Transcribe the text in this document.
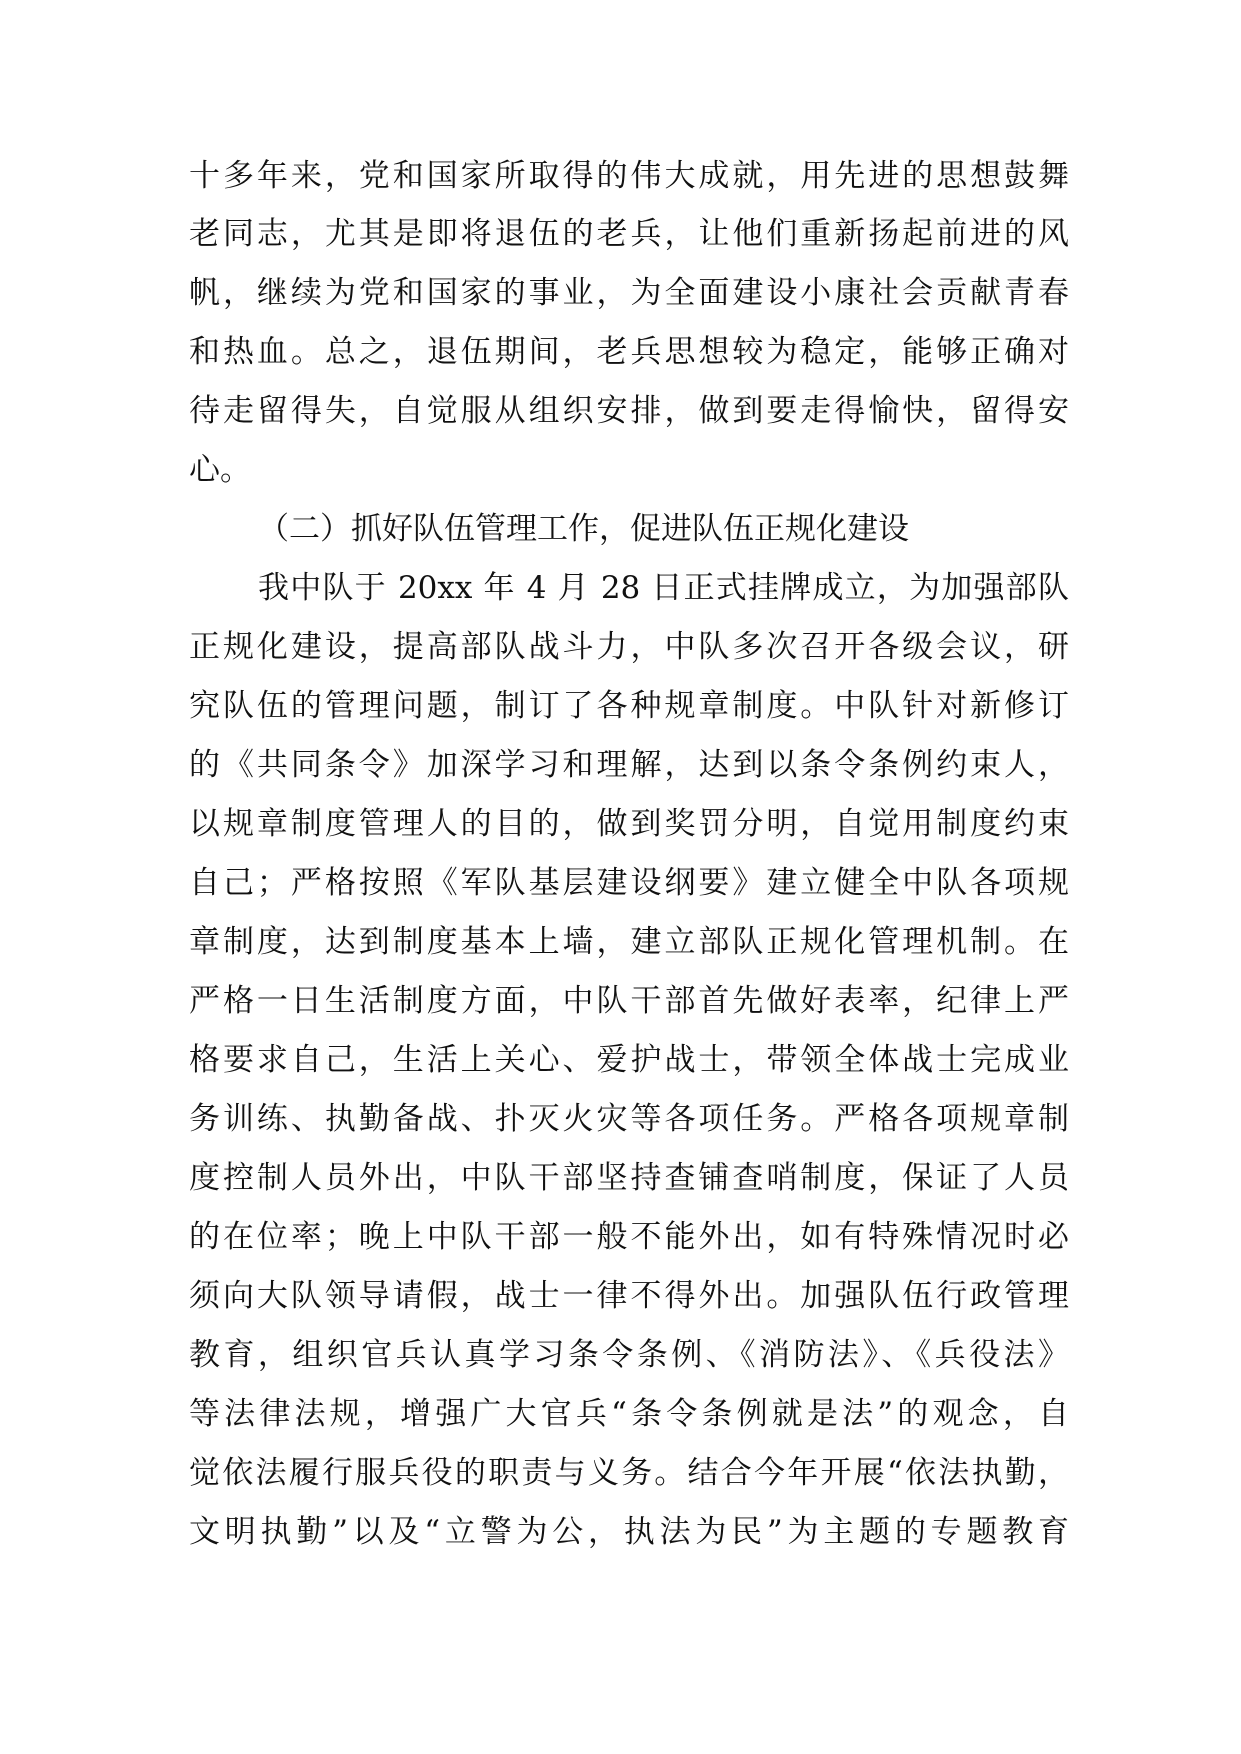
十多年来，党和国家所取得的伟大成就，用先进的思想鼓舞
老同志，尤其是即将退伍的老兵，让他们重新扬起前进的风
帆，继续为党和国家的事业，为全面建设小康社会贡献青春
和热血。总之，退伍期间，老兵思想较为稳定，能够正确对
待走留得失，自觉服从组织安排，做到要走得愉快，留得安
心。
（二）抓好队伍管理工作，促进队伍正规化建设
我中队于 20xx 年 4 月 28 日正式挂牌成立，为加强部队
正规化建设，提高部队战斗力，中队多次召开各级会议，研
究队伍的管理问题，制订了各种规章制度。中队针对新修订
的《共同条令》加深学习和理解，达到以条令条例约束人，
以规章制度管理人的目的，做到奖罚分明，自觉用制度约束
自己；严格按照《军队基层建设纲要》建立健全中队各项规
章制度，达到制度基本上墙，建立部队正规化管理机制。在
严格一日生活制度方面，中队干部首先做好表率，纪律上严
格要求自己，生活上关心、爱护战士，带领全体战士完成业
务训练、执勤备战、扑灭火灾等各项任务。严格各项规章制
度控制人员外出，中队干部坚持查铺查哨制度，保证了人员
的在位率；晚上中队干部一般不能外出，如有特殊情况时必
须向大队领导请假，战士一律不得外出。加强队伍行政管理
教育，组织官兵认真学习条令条例、《消防法》、《兵役法》
等法律法规，增强广大官兵“条令条例就是法”的观念，自
觉依法履行服兵役的职责与义务。结合今年开展“依法执勤，
文明执勤”以及“立警为公，执法为民”为主题的专题教育
